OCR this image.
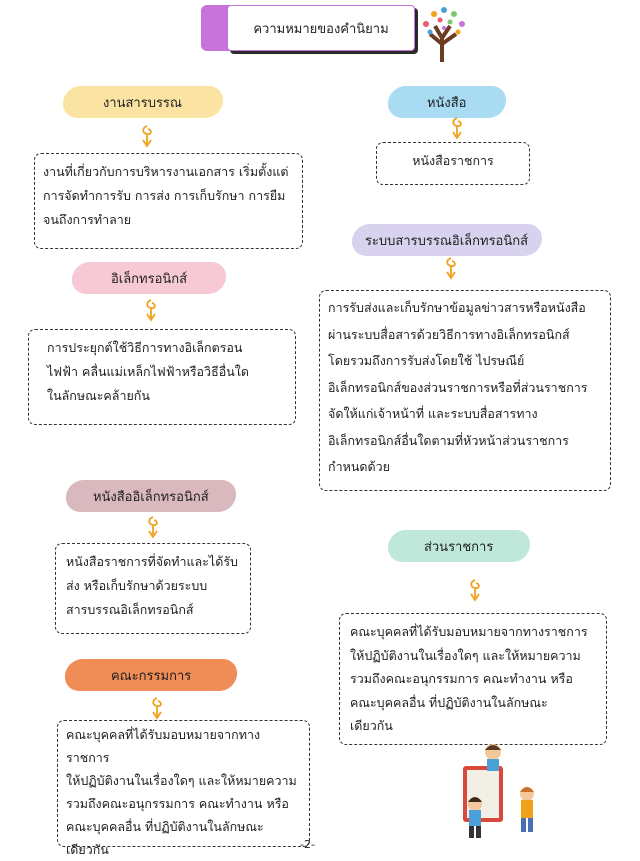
ความหมายของคำนิยาม
งานสารบรรณ
งานที่เกี่ยวกับการบริหารงานเอกสาร เริ่มตั้งแต่
การจัดทำการรับ การส่ง การเก็บรักษา การยืม
จนถึงการทำลาย
อิเล็กทรอนิกส์
การประยุกต์ใช้วิธีการทางอิเล็กตรอน
ไฟฟ้า คลื่นแม่เหล็กไฟฟ้าหรือวิธีอื่นใด
ในลักษณะคล้ายกัน
หนังสืออิเล็กทรอนิกส์
หนังสือราชการที่จัดทำและได้รับ
ส่ง หรือเก็บรักษาด้วยระบบ
สารบรรณอิเล็กทรอนิกส์
คณะกรรมการ
คณะบุคคลที่ได้รับมอบหมายจากทางราชการ
ให้ปฏิบัติงานในเรื่องใดๆ และให้หมายความ
รวมถึงคณะอนุกรรมการ คณะทำงาน หรือ
คณะบุคคลอื่น ที่ปฏิบัติงานในลักษณะ
เดียวกัน
หนังสือ
หนังสือราชการ
ระบบสารบรรณอิเล็กทรอนิกส์
การรับส่งและเก็บรักษาข้อมูลข่าวสารหรือหนังสือ
ผ่านระบบสื่อสารด้วยวิธีการทางอิเล็กทรอนิกส์
โดยรวมถึงการรับส่งโดยใช้ ไปรษณีย์
อิเล็กทรอนิกส์ของส่วนราชการหรือที่ส่วนราชการ
จัดให้แก่เจ้าหน้าที่ และระบบสื่อสารทาง
อิเล็กทรอนิกส์อื่นใดตามที่หัวหน้าส่วนราชการ
กำหนดด้วย
ส่วนราชการ
คณะบุคคลที่ได้รับมอบหมายจากทางราชการ
ให้ปฏิบัติงานในเรื่องใดๆ และให้หมายความ
รวมถึงคณะอนุกรรมการ คณะทำงาน หรือ
คณะบุคคลอื่น ที่ปฏิบัติงานในลักษณะ
เดียวกัน
-2-
